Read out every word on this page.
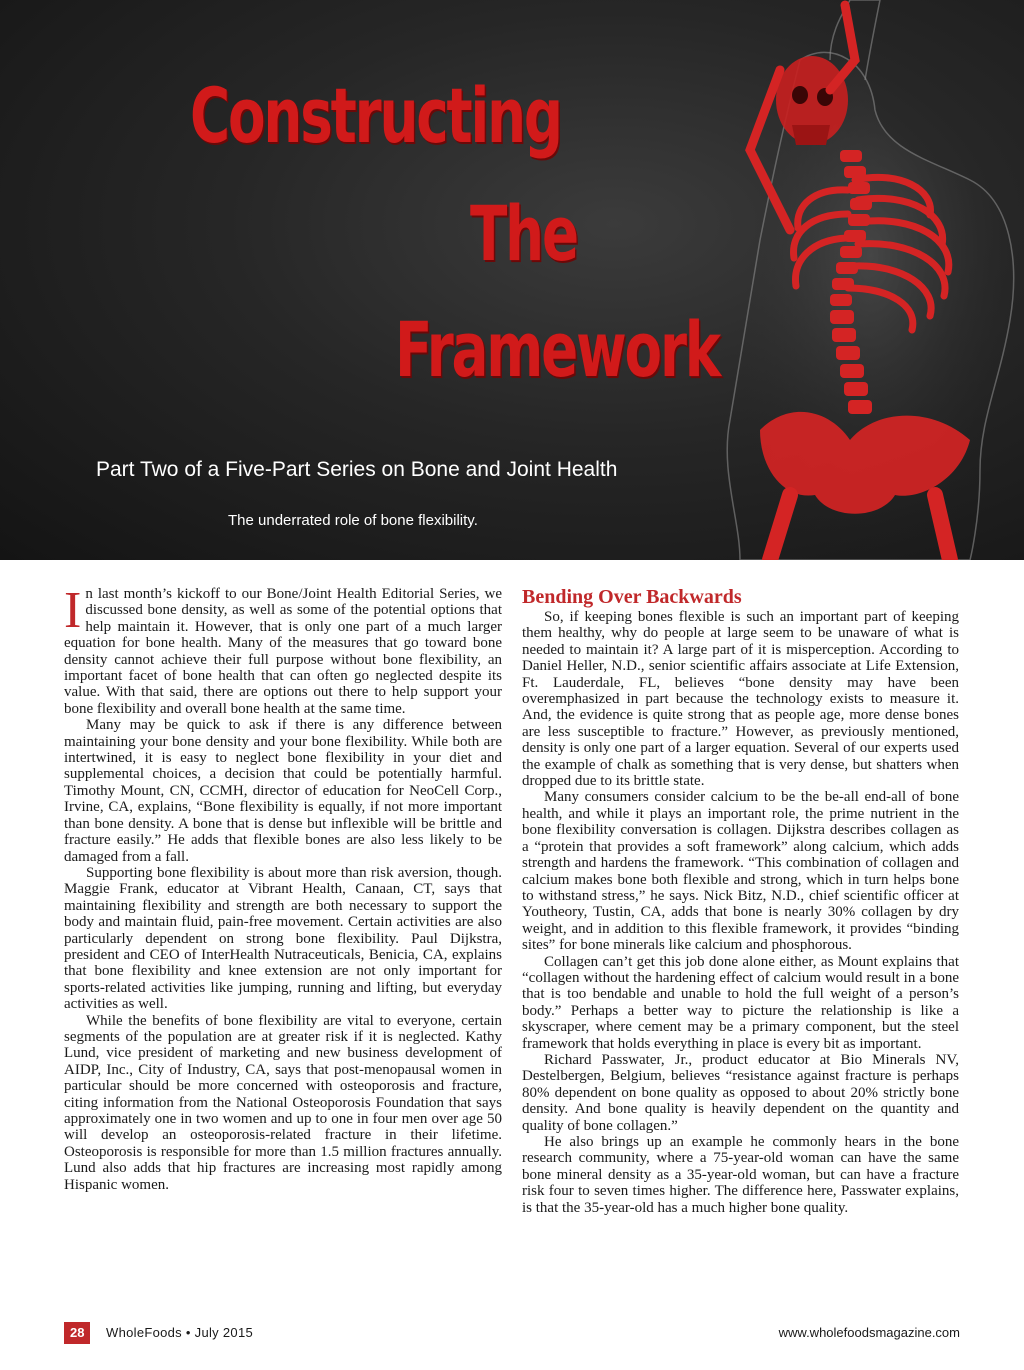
Constructing
The
Framework
Part Two of a Five-Part Series on Bone and Joint Health
The underrated role of bone flexibility.

In last month’s kickoff to our Bone/Joint Health Editorial Series, we discussed bone density, as well as some of the potential options that help maintain it. However, that is only one part of a much larger equation for bone health. Many of the measures that go toward bone density cannot achieve their full purpose without bone flexibility, an important facet of bone health that can often go neglected despite its value. With that said, there are options out there to help support your bone flexibility and overall bone health at the same time.

Many may be quick to ask if there is any difference between maintaining your bone density and your bone flexibility. While both are intertwined, it is easy to neglect bone flexibility in your diet and supplemental choices, a decision that could be potentially harmful. Timothy Mount, CN, CCMH, director of education for NeoCell Corp., Irvine, CA, explains, “Bone flexibility is equally, if not more important than bone density. A bone that is dense but inflexible will be brittle and fracture easily.” He adds that flexible bones are also less likely to be damaged from a fall.

Supporting bone flexibility is about more than risk aversion, though. Maggie Frank, educator at Vibrant Health, Canaan, CT, says that maintaining flexibility and strength are both necessary to support the body and maintain fluid, pain-free movement. Certain activities are also particularly dependent on strong bone flexibility. Paul Dijkstra, president and CEO of InterHealth Nutraceuticals, Benicia, CA, explains that bone flexibility and knee extension are not only important for sports-related activities like jumping, running and lifting, but everyday activities as well.

While the benefits of bone flexibility are vital to everyone, certain segments of the population are at greater risk if it is neglected. Kathy Lund, vice president of marketing and new business development of AIDP, Inc., City of Industry, CA, says that post-menopausal women in particular should be more concerned with osteoporosis and fracture, citing information from the National Osteoporosis Foundation that says approximately one in two women and up to one in four men over age 50 will develop an osteoporosis-related fracture in their lifetime. Osteoporosis is responsible for more than 1.5 million fractures annually. Lund also adds that hip fractures are increasing most rapidly among Hispanic women.

Bending Over Backwards

So, if keeping bones flexible is such an important part of keeping them healthy, why do people at large seem to be unaware of what is needed to maintain it? A large part of it is misperception. According to Daniel Heller, N.D., senior scientific affairs associate at Life Extension, Ft. Lauderdale, FL, believes “bone density may have been overemphasized in part because the technology exists to measure it. And, the evidence is quite strong that as people age, more dense bones are less susceptible to fracture.” However, as previously mentioned, density is only one part of a larger equation. Several of our experts used the example of chalk as something that is very dense, but shatters when dropped due to its brittle state.

Many consumers consider calcium to be the be-all end-all of bone health, and while it plays an important role, the prime nutrient in the bone flexibility conversation is collagen. Dijkstra describes collagen as a “protein that provides a soft framework” along calcium, which adds strength and hardens the framework. “This combination of collagen and calcium makes bone both flexible and strong, which in turn helps bone to withstand stress,” he says. Nick Bitz, N.D., chief scientific officer at Youtheory, Tustin, CA, adds that bone is nearly 30% collagen by dry weight, and in addition to this flexible framework, it provides “binding sites” for bone minerals like calcium and phosphorous.

Collagen can’t get this job done alone either, as Mount explains that “collagen without the hardening effect of calcium would result in a bone that is too bendable and unable to hold the full weight of a person’s body.” Perhaps a better way to picture the relationship is like a skyscraper, where cement may be a primary component, but the steel framework that holds everything in place is every bit as important.

Richard Passwater, Jr., product educator at Bio Minerals NV, Destelbergen, Belgium, believes “resistance against fracture is perhaps 80% dependent on bone quality as opposed to about 20% strictly bone density. And bone quality is heavily dependent on the quantity and quality of bone collagen.”

He also brings up an example he commonly hears in the bone research community, where a 75-year-old woman can have the same bone mineral density as a 35-year-old woman, but can have a fracture risk four to seven times higher. The difference here, Passwater explains, is that the 35-year-old has a much higher bone quality.

28	WholeFoods • July 2015	www.wholefoodsmagazine.com
